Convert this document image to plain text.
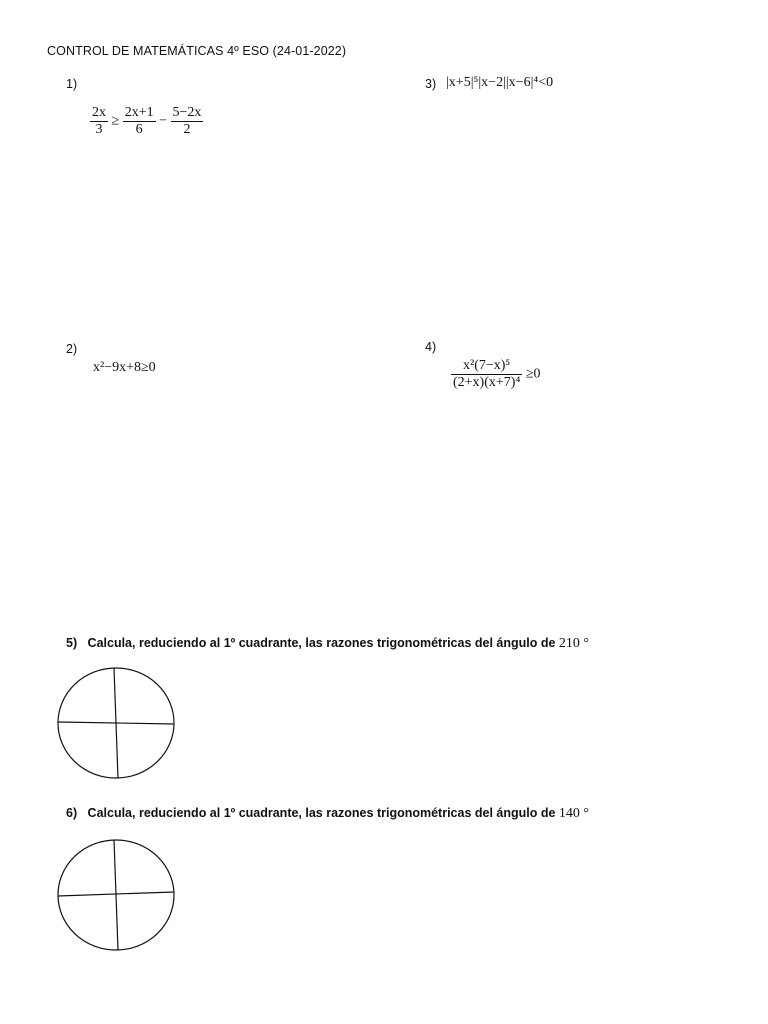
CONTROL DE MATEMÁTICAS 4º ESO (24-01-2022)
1)
$\frac{2x}{3} \ge \frac{2x+1}{6} - \frac{5-2x}{2}$
3) |x+5|⁵|x−2||x−6|⁴<0
2)
x²−9x+8≥0
4)
$\frac{\text{x²(7−x)⁵}}{\text{(2+x)(x+7)⁴}} \ge 0$
5) Calcula, reduciendo al 1º cuadrante, las razones trigonométricas del ángulo de 210 °
6) Calcula, reduciendo al 1º cuadrante, las razones trigonométricas del ángulo de 140 °
